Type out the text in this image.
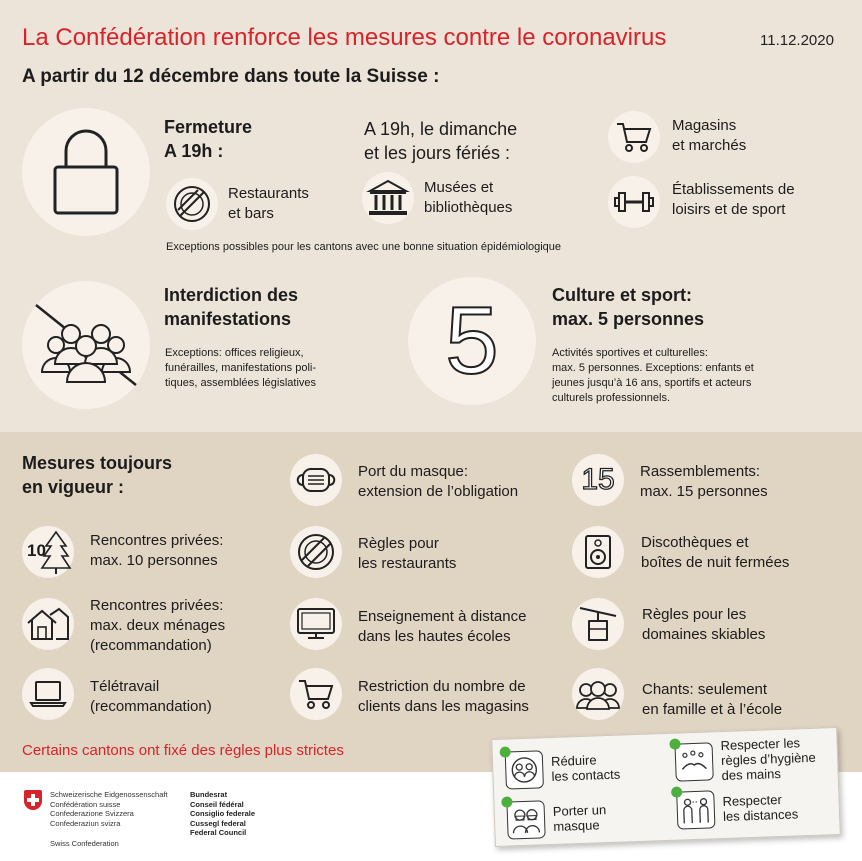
La Confédération renforce les mesures contre le coronavirus	11.12.2020
A partir du 12 décembre dans toute la Suisse :
Fermeture
A 19h :
Restaurants
et bars
A 19h, le dimanche
et les jours fériés :
Musées et
bibliothèques
Magasins
et marchés
Établissements de
loisirs et de sport
Exceptions possibles pour les cantons avec une bonne situation épidémiologique
Interdiction des
manifestations
Exceptions: offices religieux,
funérailles, manifestations poli-
tiques, assemblées législatives 5	Culture et sport:
max. 5 personnes
Activités sportives et culturelles:
max. 5 personnes. Exceptions: enfants et
jeunes jusqu’à 16 ans, sportifs et acteurs
culturels professionnels.
Mesures toujours
en vigueur :
Port du masque:
extension de l’obligation 15 Rassemblements:
max. 15 personnes
10
Rencontres privées:
max. 10 personnes
Règles pour
les restaurants
Discothèques et
boîtes de nuit fermées
Rencontres privées:
max. deux ménages
(recommandation)
Enseignement à distance
dans les hautes écoles
Règles pour les
domaines skiables
Télétravail
(recommandation)
Restriction du nombre de
clients dans les magasins
Chants: seulement
en famille et à l’école
Certains cantons ont fixé des règles plus strictes
Schweizerische Eidgenossenschaft
Confédération suisse
Confederazione Svizzera
Confederaziun svizra
Swiss Confederation
Bundesrat
Conseil fédéral
Consiglio federale
Cussegl federal
Federal Council
Réduire
les contacts
Respecter les
règles d’hygiène
des mains
Porter un
masque
Respecter
les distances
